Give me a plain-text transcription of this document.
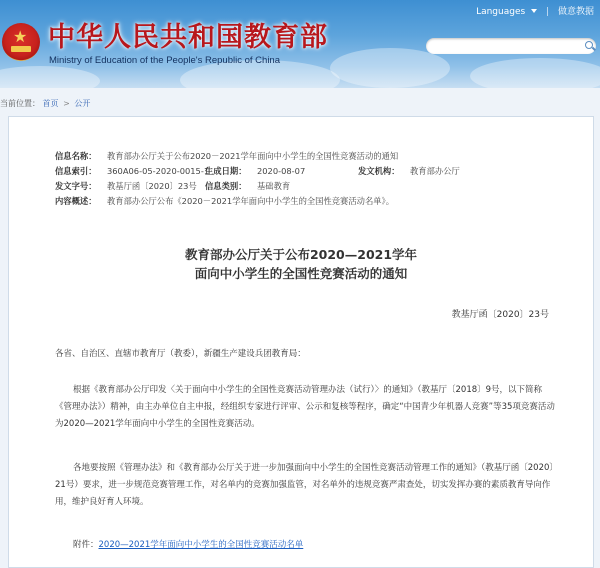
★ 中华人民共和国教育部
Ministry of Education of the People's Republic of China
Languages | 做意教据
当前位置： 首页 > 公开
信息名称： 教育部办公厅关于公布2020－2021学年面向中小学生的全国性竞赛活动的通知
信息索引： 360A06-05-2020-0015-1
生成日期： 2020-08-07	发文机构： 教育部办公厅
发文字号： 教基厅函〔2020〕23号 信息类别： 基础教育
内容概述： 教育部办公厅公布《2020－2021学年面向中小学生的全国性竞赛活动名单》。
教育部办公厅关于公布2020—2021学年
面向中小学生的全国性竞赛活动的通知
教基厅函〔2020〕23号
各省、自治区、直辖市教育厅（教委），新疆生产建设兵团教育局：
根据《教育部办公厅印发〈关于面向中小学生的全国性竞赛活动管理办法（试行）〉的通知》（教基厅〔2018〕9号，以下简称《管理办法》）精神，由主办单位自主申报，经组织专家进行评审、公示和复核等程序，确定“中国青少年机器人竞赛”等35项竞赛活动为2020—2021学年面向中小学生的全国性竞赛活动。
各地要按照《管理办法》和《教育部办公厅关于进一步加强面向中小学生的全国性竞赛活动管理工作的通知》（教基厅函〔2020〕21号）要求，进一步规范竞赛管理工作，对名单内的竞赛加强监管，对名单外的违规竞赛严肃查处，切实发挥办赛的素质教育导向作用，维护良好育人环境。
附件：2020—2021学年面向中小学生的全国性竞赛活动名单
